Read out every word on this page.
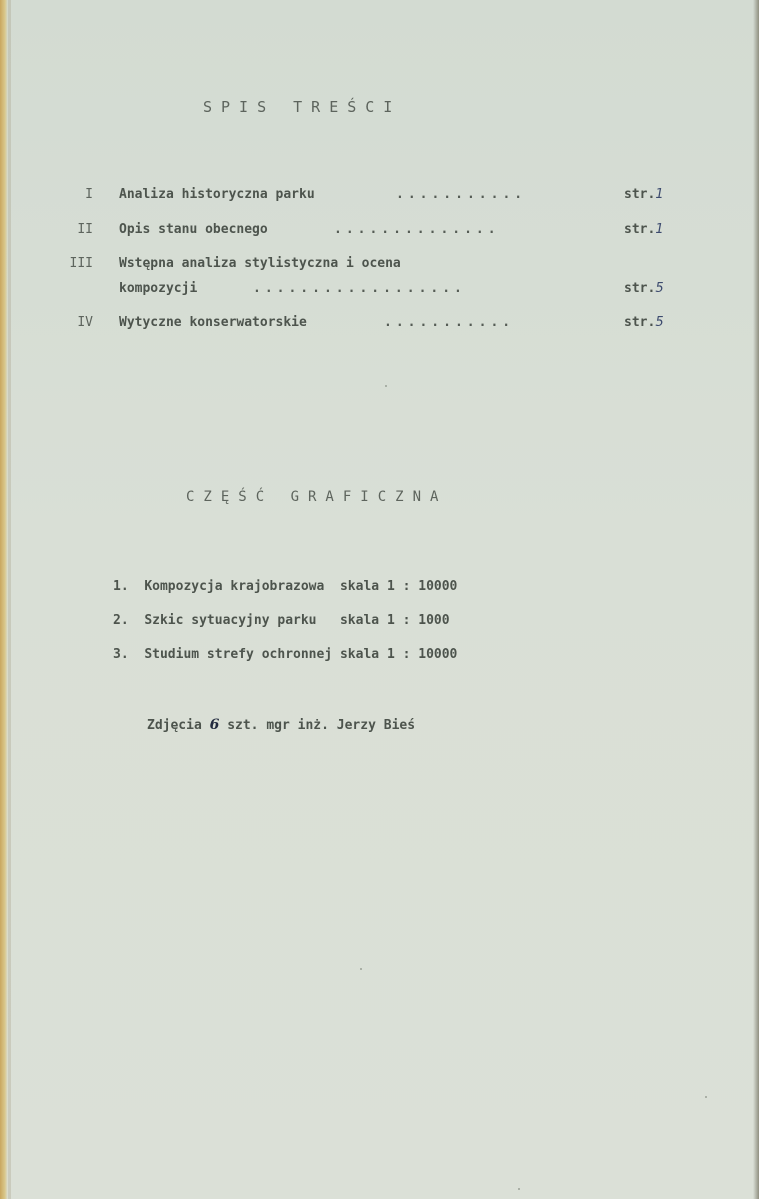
SPIS TREŚCI
I Analiza historyczna parku	...........	str.1
II Opis stanu obecnego	..............	str.1
III Wstępna analiza stylistyczna i ocena
kompozycji	..................	str.5
IV Wytyczne konserwatorskie	...........	str.5
CZĘŚĆ GRAFICZNA
1. Kompozycja krajobrazowa  skala 1 : 10000
2. Szkic sytuacyjny parku   skala 1 : 1000
3. Studium strefy ochronnej skala 1 : 10000
Zdjęcia 6 szt. mgr inż. Jerzy Bieś
